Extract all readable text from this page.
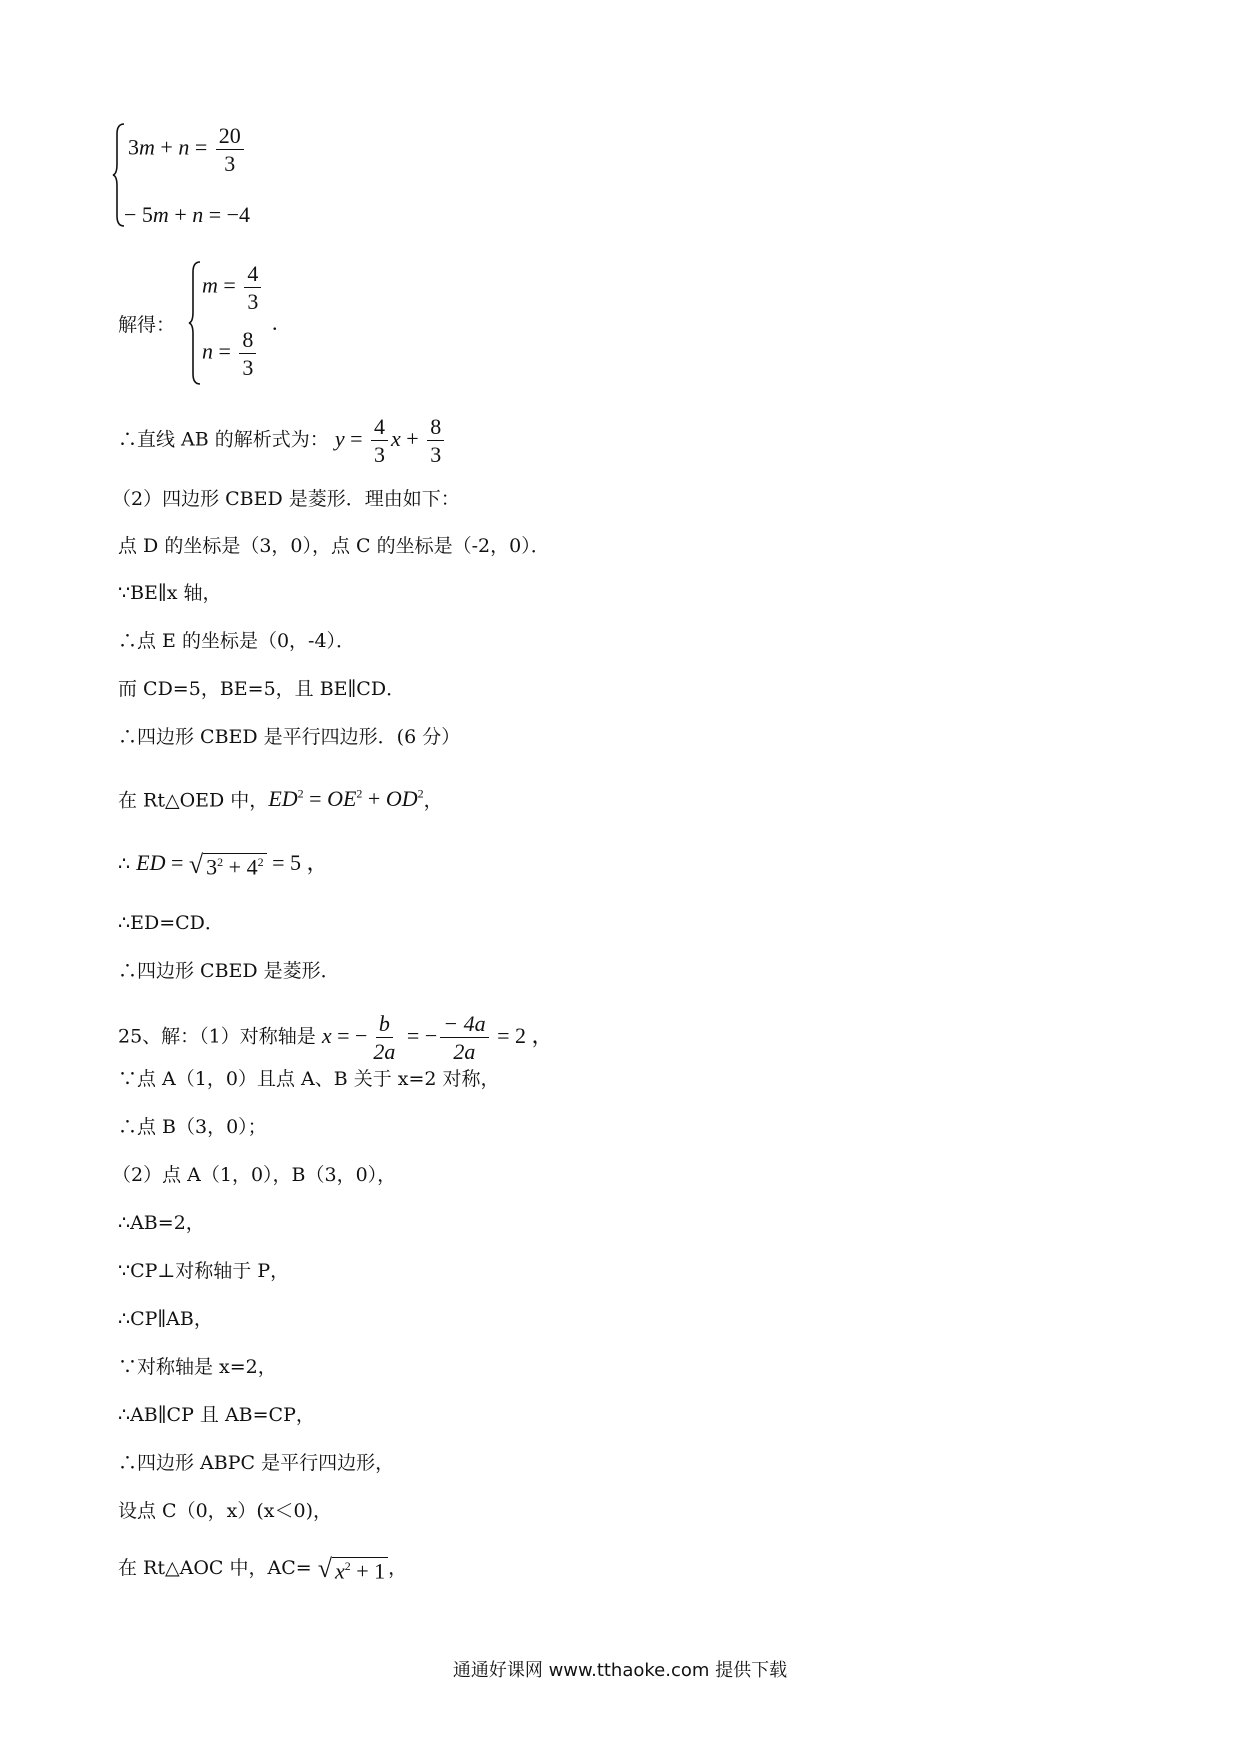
$3m + n = \frac{20}{3}$
− 5m + n = −4
解得：
$m = \frac{4}{3}$
$n = \frac{8}{3}$
.
∴直线 AB 的解析式为： $y = \frac{4}{3}$ $x + \frac{8}{3}$
（2）四边形 CBED 是菱形．理由如下：
点 D 的坐标是（3，0），点 C 的坐标是（-2，0）．
∵BE∥x 轴，
∴点 E 的坐标是（0，-4）．
而 CD=5，BE=5，且 BE∥CD．
∴四边形 CBED 是平行四边形．(6 分）
在 Rt△OED 中，$ED^2 = OE^2 + OD^2$，
∴ ED = √ $3^2 + 4^2 = 5$ ，
∴ED=CD．
∴四边形 CBED 是菱形．
25、解：（1）对称轴是 x = − $\frac{b}{2a}$ = − $\frac{- 4a}{2a} = 2$ ，
∵点 A（1，0）且点 A、B 关于 x=2 对称，
∴点 B（3，0）；
（2）点 A（1，0），B（3，0），
∴AB=2，
∵CP⊥对称轴于 P，
∴CP∥AB，
∵对称轴是 x=2，
∴AB∥CP 且 AB=CP，
∴四边形 ABPC 是平行四边形，
设点 C（0，x）(x＜0)，
在 Rt△AOC 中，AC= √ $x^2 + 1$ ，
通通好课网 www.tthaoke.com 提供下载
